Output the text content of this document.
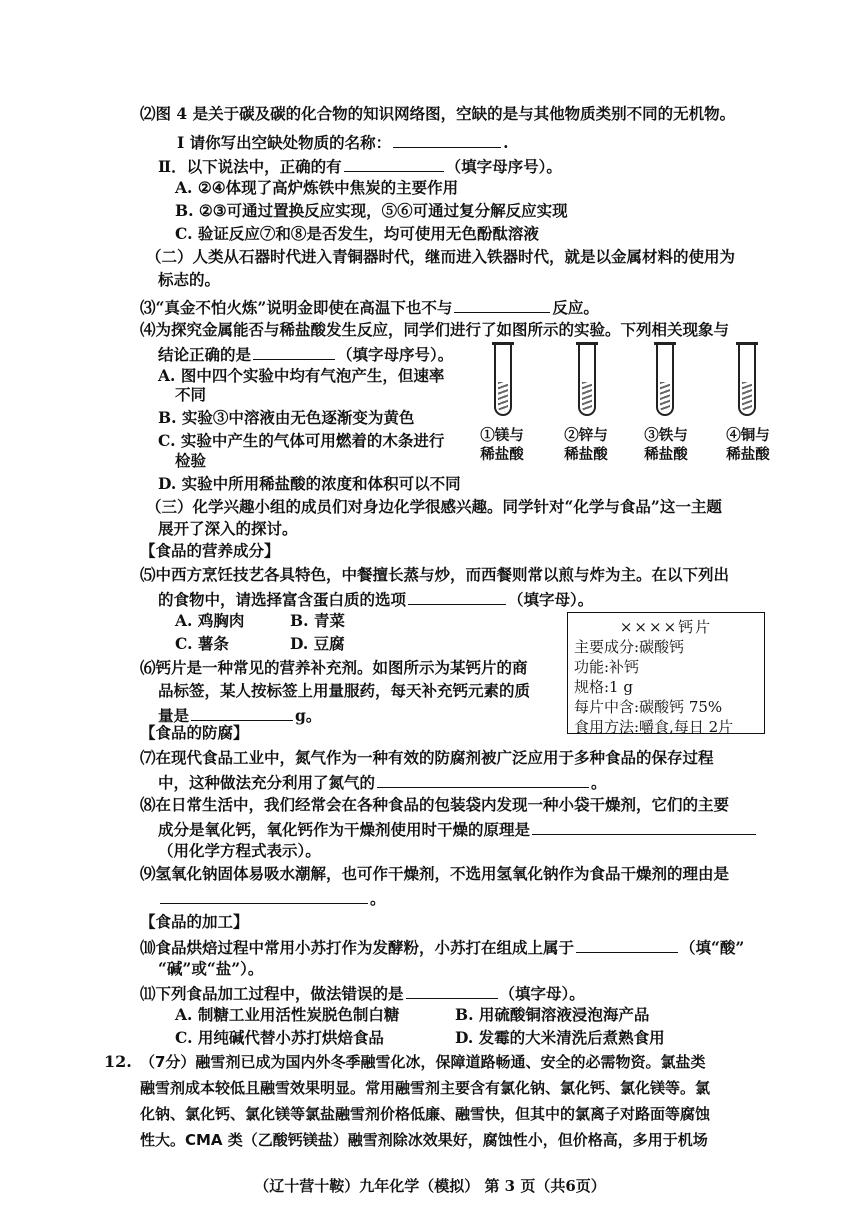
⑵图 4 是关于碳及碳的化合物的知识网络图，空缺的是与其他物质类别不同的无机物。
Ⅰ 请你写出空缺处物质的名称：	.
Ⅱ．以下说法中，正确的有	（填字母序号）。
A. ②④体现了高炉炼铁中焦炭的主要作用
B. ②③可通过置换反应实现，⑤⑥可通过复分解反应实现
C. 验证反应⑦和⑧是否发生，均可使用无色酚酞溶液
（二）人类从石器时代进入青铜器时代，继而进入铁器时代，就是以金属材料的使用为
标志的。
⑶“真金不怕火炼”说明金即使在高温下也不与	反应。
⑷为探究金属能否与稀盐酸发生反应，同学们进行了如图所示的实验。下列相关现象与
结论正确的是	（填字母序号）。
A. 图中四个实验中均有气泡产生，但速率
不同
B. 实验③中溶液由无色逐渐变为黄色
C. 实验中产生的气体可用燃着的木条进行
检验
D. 实验中所用稀盐酸的浓度和体积可以不同
①镁与
稀盐酸
②锌与
稀盐酸
③铁与
稀盐酸
④铜与
稀盐酸
（三）化学兴趣小组的成员们对身边化学很感兴趣。同学针对“化学与食品”这一主题
展开了深入的探讨。
【食品的营养成分】
⑸中西方烹饪技艺各具特色，中餐擅长蒸与炒，而西餐则常以煎与炸为主。在以下列出
的食物中，请选择富含蛋白质的选项	（填字母）。
A. 鸡胸肉	B. 青菜
C. 薯条	D. 豆腐
××××钙片
主要成分:碳酸钙
功能:补钙
规格:1 g
每片中含:碳酸钙 75%
食用方法:嚼食,每日 2片
⑹钙片是一种常见的营养补充剂。如图所示为某钙片的商
品标签，某人按标签上用量服药，每天补充钙元素的质
量是	g。
【食品的防腐】
⑺在现代食品工业中，氮气作为一种有效的防腐剂被广泛应用于多种食品的保存过程
中，这种做法充分利用了氮气的	。
⑻在日常生活中，我们经常会在各种食品的包装袋内发现一种小袋干燥剂，它们的主要
成分是氧化钙，氧化钙作为干燥剂使用时干燥的原理是
（用化学方程式表示）。
⑼氢氧化钠固体易吸水潮解，也可作干燥剂，不选用氢氧化钠作为食品干燥剂的理由是
。
【食品的加工】
⑽食品烘焙过程中常用小苏打作为发酵粉，小苏打在组成上属于	（填“酸”
“碱”或“盐”）。
⑾下列食品加工过程中，做法错误的是	（填字母）。
A. 制糖工业用活性炭脱色制白糖	B. 用硫酸铜溶液浸泡海产品
C. 用纯碱代替小苏打烘焙食品	D. 发霉的大米清洗后煮熟食用
12. （7分）融雪剂已成为国内外冬季融雪化冰，保障道路畅通、安全的必需物资。氯盐类
融雪剂成本较低且融雪效果明显。常用融雪剂主要含有氯化钠、氯化钙、氯化镁等。氯
化钠、氯化钙、氯化镁等氯盐融雪剂价格低廉、融雪快，但其中的氯离子对路面等腐蚀
性大。CMA 类（乙酸钙镁盐）融雪剂除冰效果好，腐蚀性小，但价格高，多用于机场
（辽十营十鞍）九年化学（模拟） 第 3 页（共6页）
